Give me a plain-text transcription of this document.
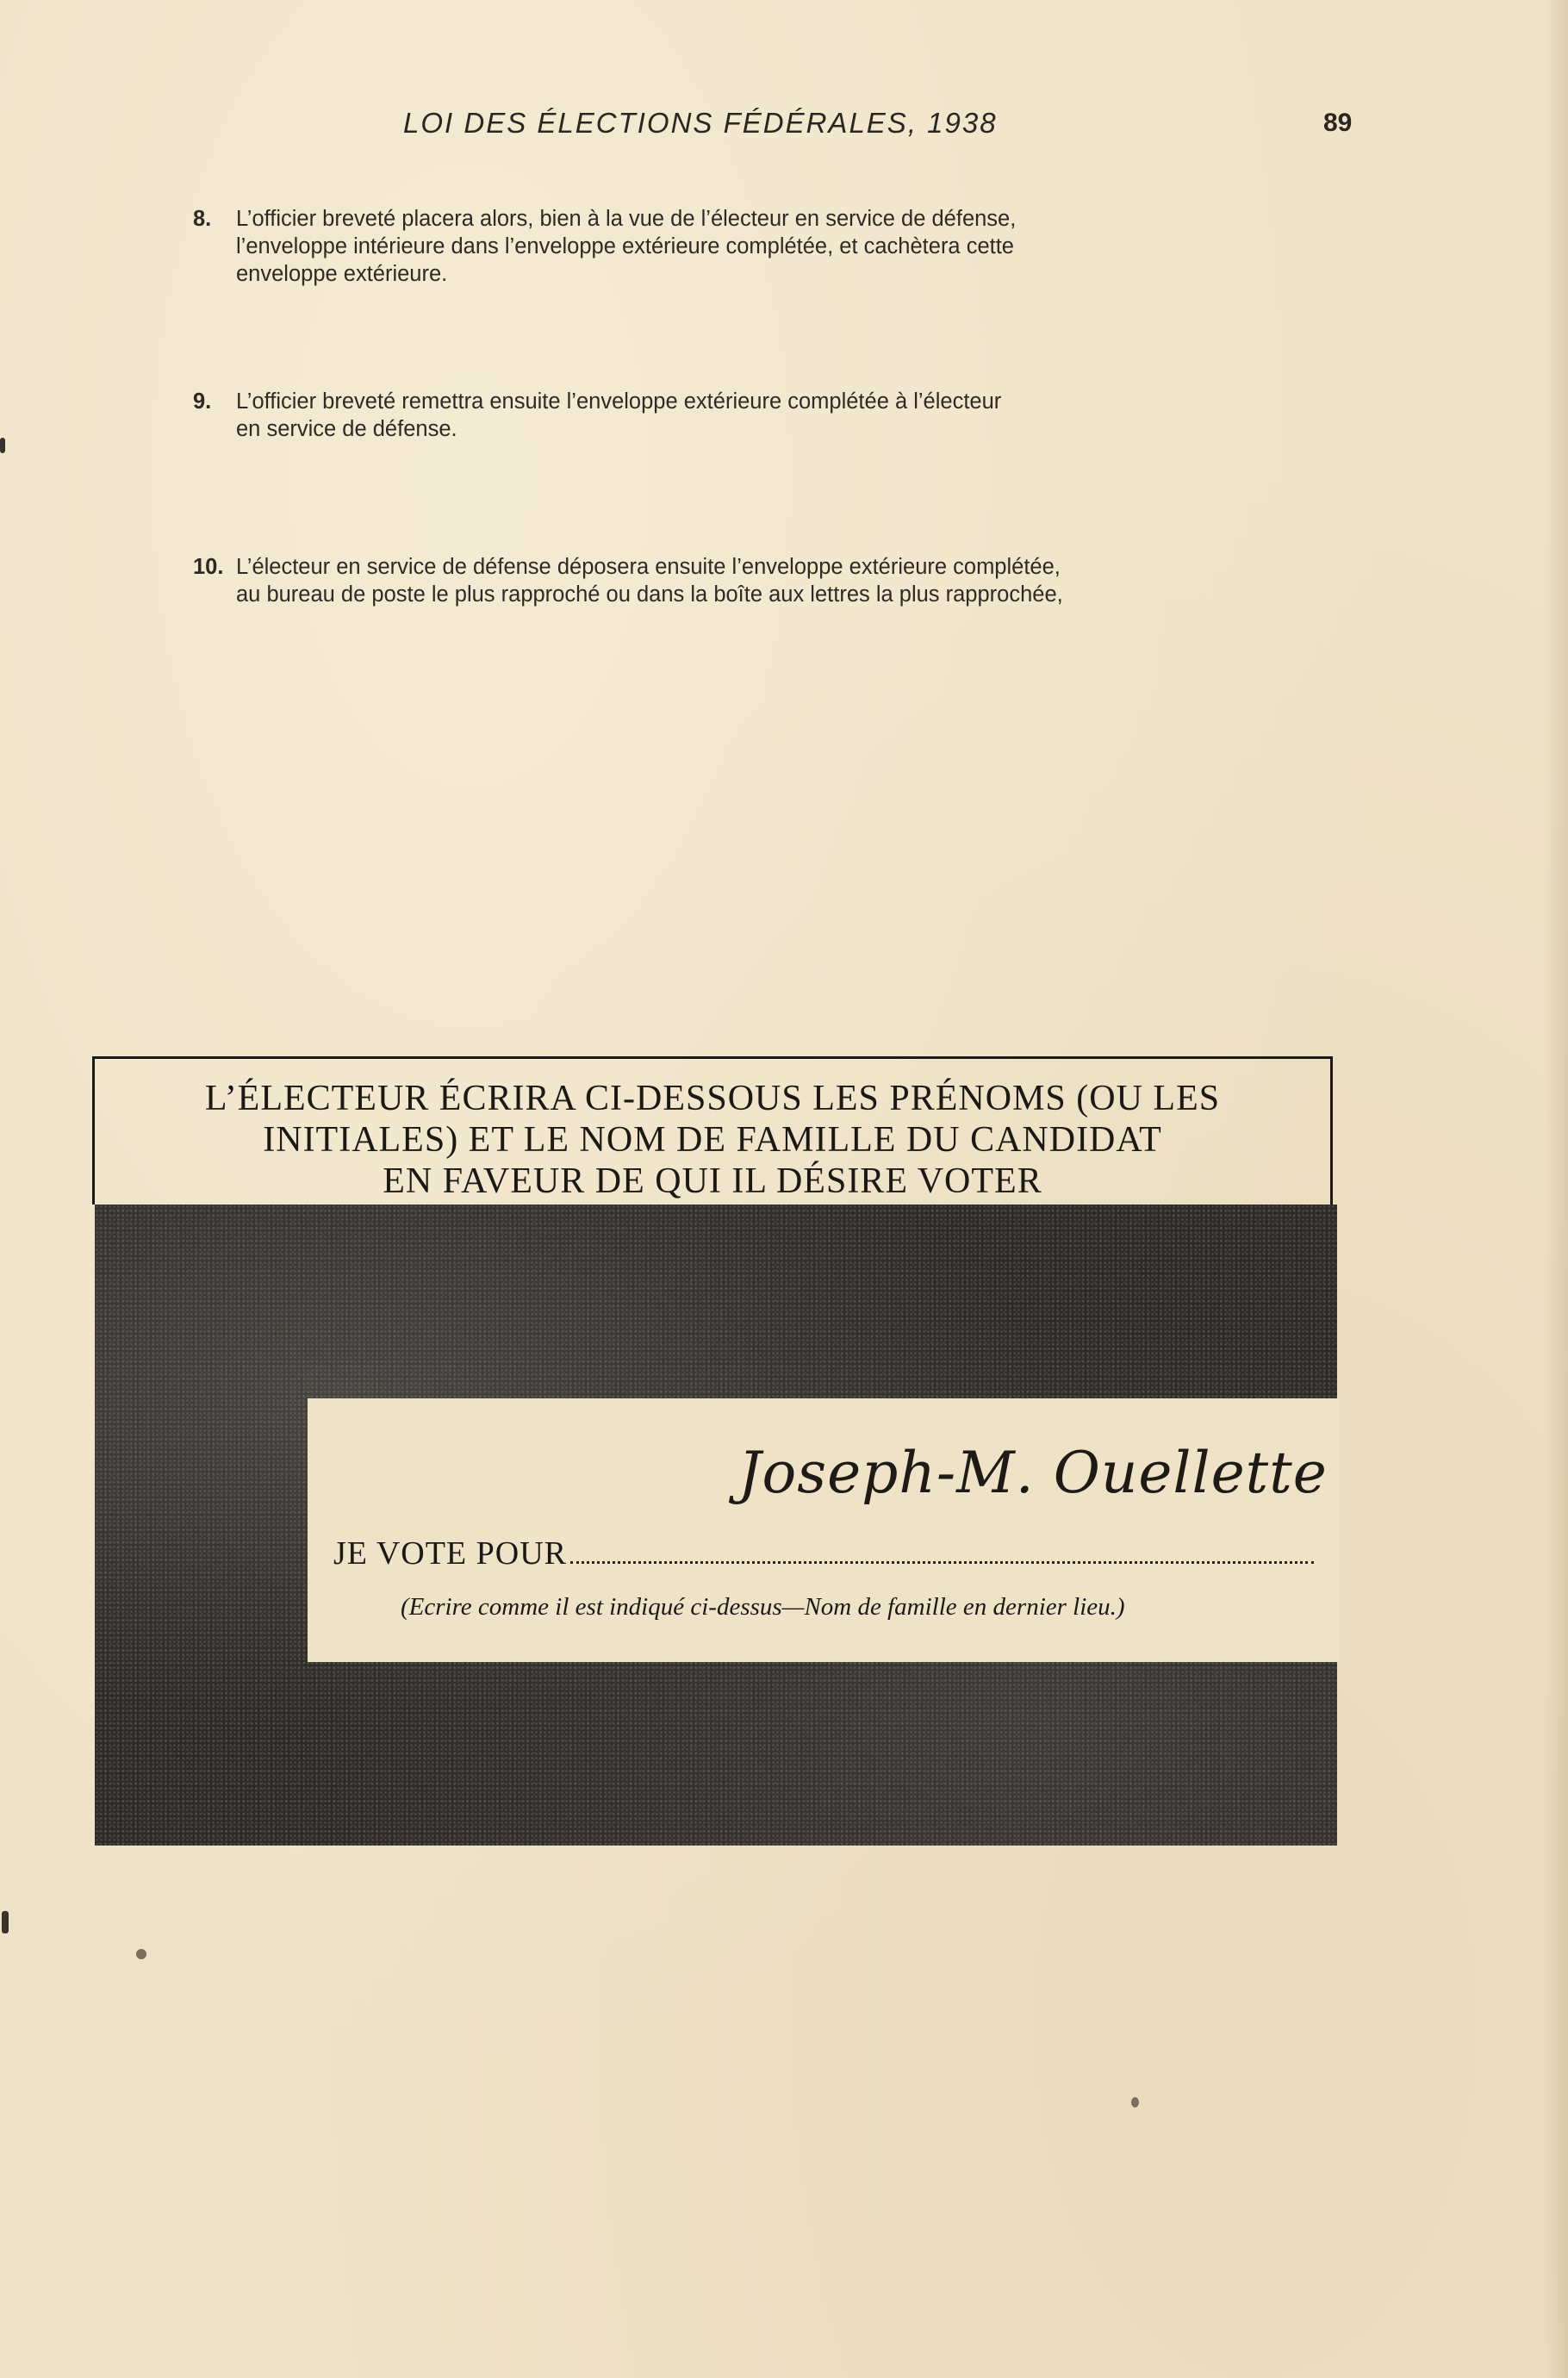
LOI DES ÉLECTIONS FÉDÉRALES, 1938	89
8. L’officier breveté placera alors, bien à la vue de l’électeur en service de défense,
l’enveloppe intérieure dans l’enveloppe extérieure complétée, et cachètera cette
enveloppe extérieure.
9. L’officier breveté remettra ensuite l’enveloppe extérieure complétée à l’électeur
en service de défense.
10. L’électeur en service de défense déposera ensuite l’enveloppe extérieure complétée,
au bureau de poste le plus rapproché ou dans la boîte aux lettres la plus rapprochée,
L’ÉLECTEUR ÉCRIRA CI-DESSOUS LES PRÉNOMS (OU LES
INITIALES) ET LE NOM DE FAMILLE DU CANDIDAT
EN FAVEUR DE QUI IL DÉSIRE VOTER
Joseph-M. Ouellette
JE VOTE POUR
(Ecrire comme il est indiqué ci-dessus—Nom de famille en dernier lieu.)
